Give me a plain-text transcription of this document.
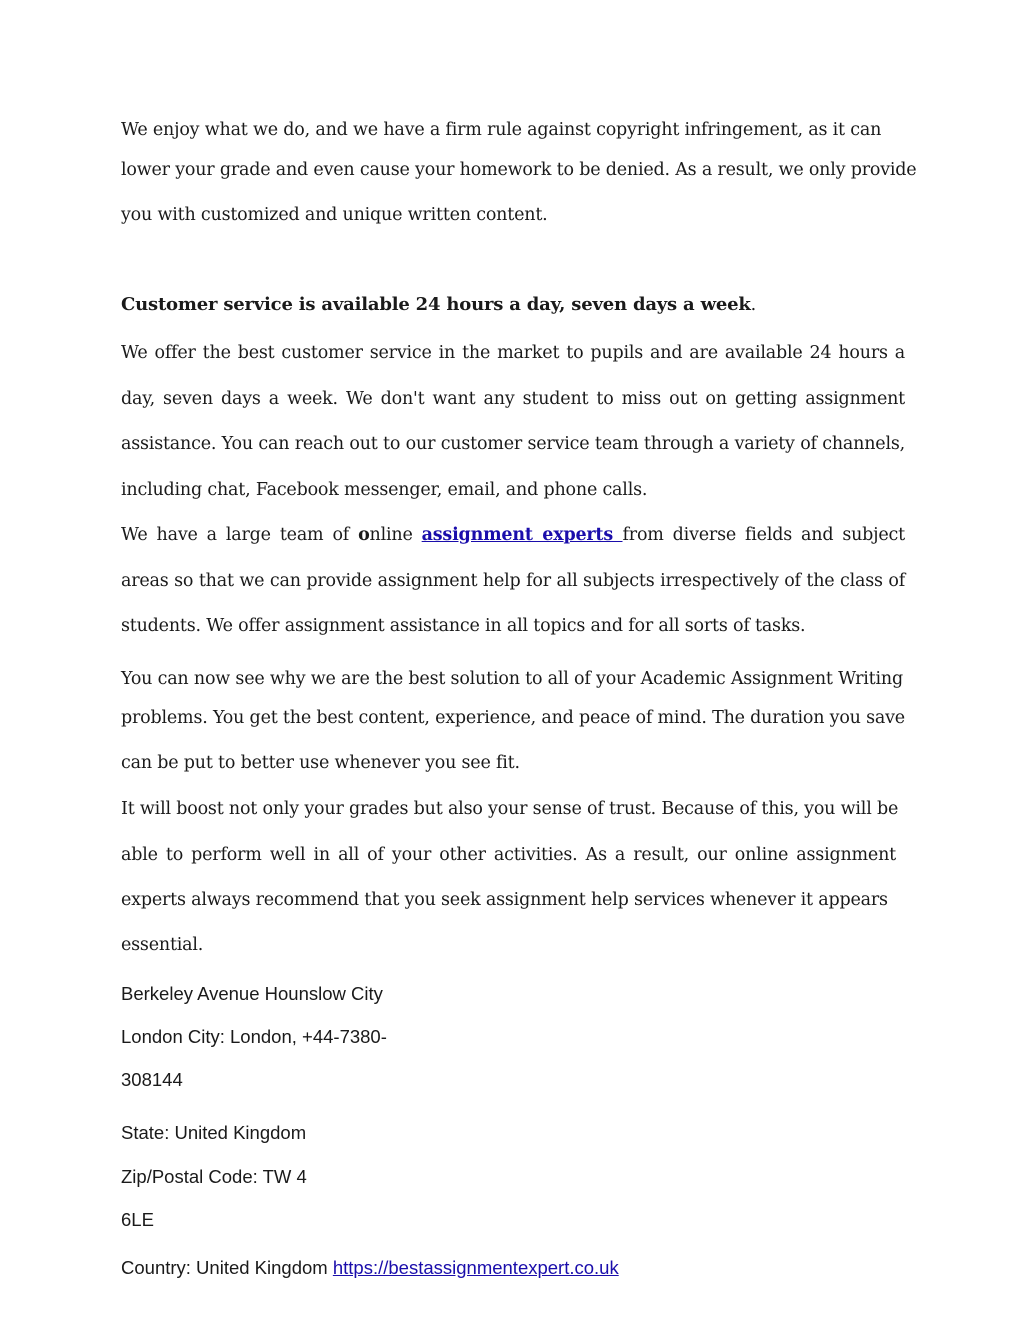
We enjoy what we do, and we have a firm rule against copyright infringement, as it can
lower your grade and even cause your homework to be denied. As a result, we only provide
you with customized and unique written content.
Customer service is available 24 hours a day, seven days a week.
We offer the best customer service in the market to pupils and are available 24 hours a
day, seven days a week. We don't want any student to miss out on getting assignment
assistance. You can reach out to our customer service team through a variety of channels,
including chat, Facebook messenger, email, and phone calls.
We have a large team of online assignment experts from diverse fields and subject
areas so that we can provide assignment help for all subjects irrespectively of the class of
students. We offer assignment assistance in all topics and for all sorts of tasks.
You can now see why we are the best solution to all of your Academic Assignment Writing
problems. You get the best content, experience, and peace of mind. The duration you save
can be put to better use whenever you see fit.
It will boost not only your grades but also your sense of trust. Because of this, you will be
able to perform well in all of your other activities. As a result, our online assignment
experts always recommend that you seek assignment help services whenever it appears
essential.
Berkeley Avenue Hounslow City
London City: London, +44-7380-
308144
State: United Kingdom
Zip/Postal Code: TW 4
6LE
Country: United Kingdom https://bestassignmentexpert.co.uk
